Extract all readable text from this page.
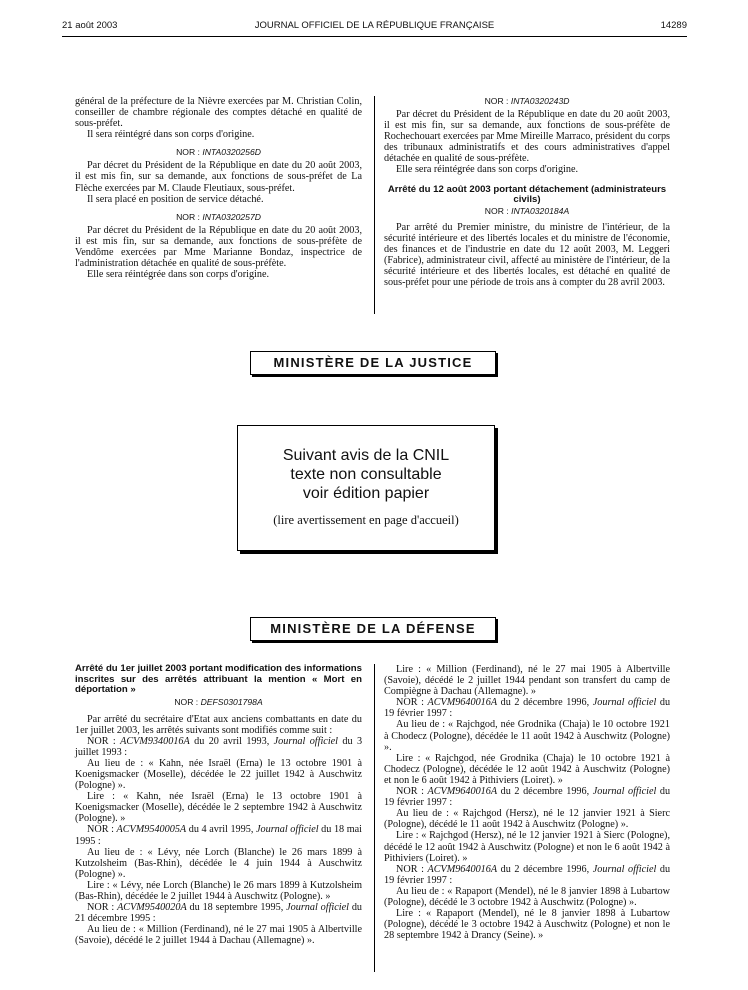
21 août 2003	JOURNAL OFFICIEL DE LA RÉPUBLIQUE FRANÇAISE	14289

général de la préfecture de la Nièvre exercées par M. Christian Colin, conseiller de chambre régionale des comptes détaché en qualité de sous-préfet.

Il sera réintégré dans son corps d'origine.

NOR : INTA0320256D

Par décret du Président de la République en date du 20 août 2003, il est mis fin, sur sa demande, aux fonctions de sous-préfet de La Flèche exercées par M. Claude Fleutiaux, sous-préfet.

Il sera placé en position de service détaché.

NOR : INTA0320257D

Par décret du Président de la République en date du 20 août 2003, il est mis fin, sur sa demande, aux fonctions de sous-préfète de Vendôme exercées par Mme Marianne Bondaz, inspectrice de l'administration détachée en qualité de sous-préfète.

Elle sera réintégrée dans son corps d'origine.

NOR : INTA0320243D

Par décret du Président de la République en date du 20 août 2003, il est mis fin, sur sa demande, aux fonctions de sous-préfète de Rochechouart exercées par Mme Mireille Marraco, président du corps des tribunaux administratifs et des cours administratives d'appel détachée en qualité de sous-préfète.

Elle sera réintégrée dans son corps d'origine.

Arrêté du 12 août 2003 portant détachement (administrateurs civils)

NOR : INTA0320184A

Par arrêté du Premier ministre, du ministre de l'intérieur, de la sécurité intérieure et des libertés locales et du ministre de l'économie, des finances et de l'industrie en date du 12 août 2003, M. Leggeri (Fabrice), administrateur civil, affecté au ministère de l'intérieur, de la sécurité intérieure et des libertés locales, est détaché en qualité de sous-préfet pour une période de trois ans à compter du 28 avril 2003.

MINISTÈRE DE LA JUSTICE
Suivant avis de la CNIL
texte non consultable
voir édition papier
(lire avertissement en page d'accueil)
MINISTÈRE DE LA DÉFENSE

Arrêté du 1er juillet 2003 portant modification des informations inscrites sur des arrêtés attribuant la mention « Mort en déportation »

NOR : DEFS0301798A

Par arrêté du secrétaire d'Etat aux anciens combattants en date du 1er juillet 2003, les arrêtés suivants sont modifiés comme suit :

NOR : ACVM9340016A du 20 avril 1993, Journal officiel du 3 juillet 1993 :

Au lieu de : « Kahn, née Israël (Erna) le 13 octobre 1901 à Koenigsmacker (Moselle), décédée le 22 juillet 1942 à Auschwitz (Pologne) ».

Lire : « Kahn, née Israël (Erna) le 13 octobre 1901 à Koenigsmacker (Moselle), décédée le 2 septembre 1942 à Auschwitz (Pologne). »

NOR : ACVM9540005A du 4 avril 1995, Journal officiel du 18 mai 1995 :

Au lieu de : « Lévy, née Lorch (Blanche) le 26 mars 1899 à Kutzolsheim (Bas-Rhin), décédée le 4 juin 1944 à Auschwitz (Pologne) ».

Lire : « Lévy, née Lorch (Blanche) le 26 mars 1899 à Kutzolsheim (Bas-Rhin), décédée le 2 juillet 1944 à Auschwitz (Pologne). »

NOR : ACVM9540020A du 18 septembre 1995, Journal officiel du 21 décembre 1995 :

Au lieu de : « Million (Ferdinand), né le 27 mai 1905 à Albertville (Savoie), décédé le 2 juillet 1944 à Dachau (Allemagne) ».

Lire : « Million (Ferdinand), né le 27 mai 1905 à Albertville (Savoie), décédé le 2 juillet 1944 pendant son transfert du camp de Compiègne à Dachau (Allemagne). »

NOR : ACVM9640016A du 2 décembre 1996, Journal officiel du 19 février 1997 :

Au lieu de : « Rajchgod, née Grodnika (Chaja) le 10 octobre 1921 à Chodecz (Pologne), décédée le 11 août 1942 à Auschwitz (Pologne) ».

Lire : « Rajchgod, née Grodnika (Chaja) le 10 octobre 1921 à Chodecz (Pologne), décédée le 12 août 1942 à Auschwitz (Pologne) et non le 6 août 1942 à Pithiviers (Loiret). »

NOR : ACVM9640016A du 2 décembre 1996, Journal officiel du 19 février 1997 :

Au lieu de : « Rajchgod (Hersz), né le 12 janvier 1921 à Sierc (Pologne), décédé le 11 août 1942 à Auschwitz (Pologne) ».

Lire : « Rajchgod (Hersz), né le 12 janvier 1921 à Sierc (Pologne), décédé le 12 août 1942 à Auschwitz (Pologne) et non le 6 août 1942 à Pithiviers (Loiret). »

NOR : ACVM9640016A du 2 décembre 1996, Journal officiel du 19 février 1997 :

Au lieu de : « Rapaport (Mendel), né le 8 janvier 1898 à Lubartow (Pologne), décédé le 3 octobre 1942 à Auschwitz (Pologne) ».

Lire : « Rapaport (Mendel), né le 8 janvier 1898 à Lubartow (Pologne), décédé le 3 octobre 1942 à Auschwitz (Pologne) et non le 28 septembre 1942 à Drancy (Seine). »
